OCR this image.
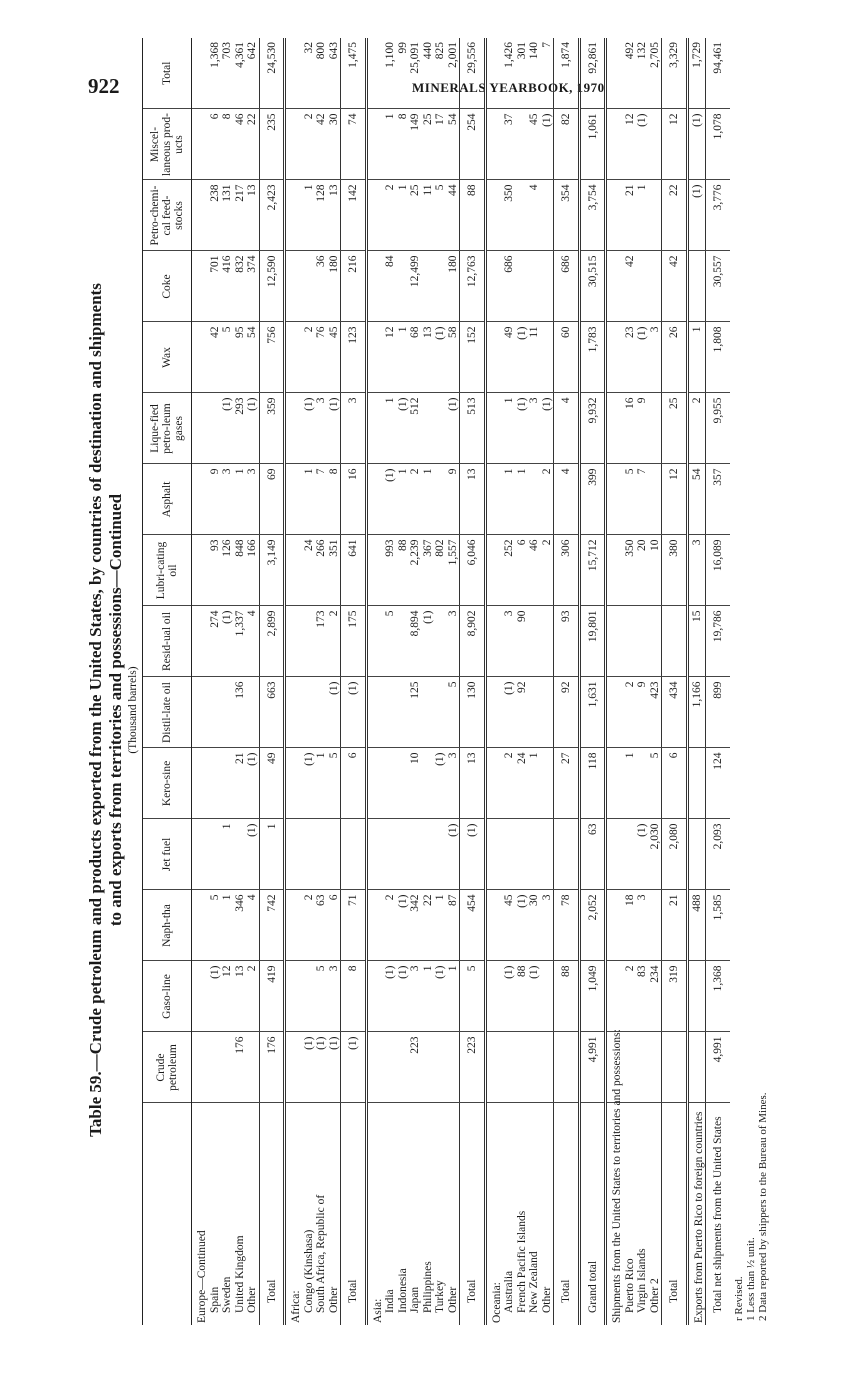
922	MINERALS YEARBOOK, 1970
Table 59.—Crude petroleum and products exported from the United States, by countries of destination and shipments to and exports from territories and possessions—Continued (Thousand barrels)
	Crude petroleum	Gaso-line	Naph-tha	Jet fuel	Kero-sine	Distil-late oil	Resid-ual oil	Lubri-cating oil	Asphalt	Lique-fied petro-leum gases	Wax	Coke	Petro-chemi-cal feed-stocks	Miscel-laneous prod-ucts	Total
Europe—Continued															
Spain		(1)	5				274	93	9		42	701	238	6	1,368
Sweden		12	1	1			(1)	126	3	(1)	5	416	131	8	703
United Kingdom	176	13	346		21	136	1,337	848	1	293	95	832	217	46	4,361
Other		2	4	(1)	(1)		4	166	3	(1)	54	374	13	22	642
Total	176	419	742	1	49	663	2,899	3,149	69	359	756	12,590	2,423	235	24,530
Africa:															
Congo (Kinshasa)	(1)		2		(1)			24	1	(1)	2		1	2	32
South Africa, Republic of	(1)	5	63		1		173	266	7	3	76	36	128	42	800
Other	(1)	3	6		5	(1)	2	351	8	(1)	45	180	13	30	643
Total	(1)	8	71		6	(1)	175	641	16	3	123	216	142	74	1,475
Asia:															
India		(1)	2				5	993	(1)	1	12	84	2	1	1,100
Indonesia		(1)	(1)					88	1	(1)	1		1	8	99
Japan	223	3	342		10	125	8,894	2,239	2	512	68	12,499	25	149	25,091
Philippines		1	22				(1)	367	1		13		11	25	440
Turkey		(1)	1		(1)			802			(1)		5	17	825
Other		1	87	(1)	3	5	3	1,557	9	(1)	58	180	44	54	2,001
Total	223	5	454	(1)	13	130	8,902	6,046	13	513	152	12,763	88	254	29,556
Oceania:															
Australia		(1)	45		2	(1)	3	252	1	1	49	686	350	37	1,426
French Pacific Islands		88	(1)		24	92	90	6	1	(1)	(1)				301
New Zealand		(1)	30		1			46		3	11		4	45	140
Other			3					2	2	(1)				(1)	7
Total		88	78		27	92	93	306	4	4	60	686	354	82	1,874
Grand total	4,991	1,049	2,052	63	118	1,631	19,801	15,712	399	9,932	1,783	30,515	3,754	1,061	92,861
Shipments from the United States to territories and possessions:															
Puerto Rico		2	18		1	2		350	5	16	23	42	21	12	492
Virgin Islands		83	3	(1)		9		20	7	9	(1)		1	(1)	132
Other 2		234		2,030	5	423		10			3				2,705
Total		319	21	2,080	6	434		380	12	25	26	42	22	12	3,329
Exports from Puerto Rico to foreign countries			488			1,166	15	3	54	2	1		(1)	(1)	1,729
Total net shipments from the United States	4,991	1,368	1,585	2,093	124	899	19,786	16,089	357	9,955	1,808	30,557	3,776	1,078	94,461
r Revised. 1 Less than ½ unit. 2 Data reported by shippers to the Bureau of Mines.
